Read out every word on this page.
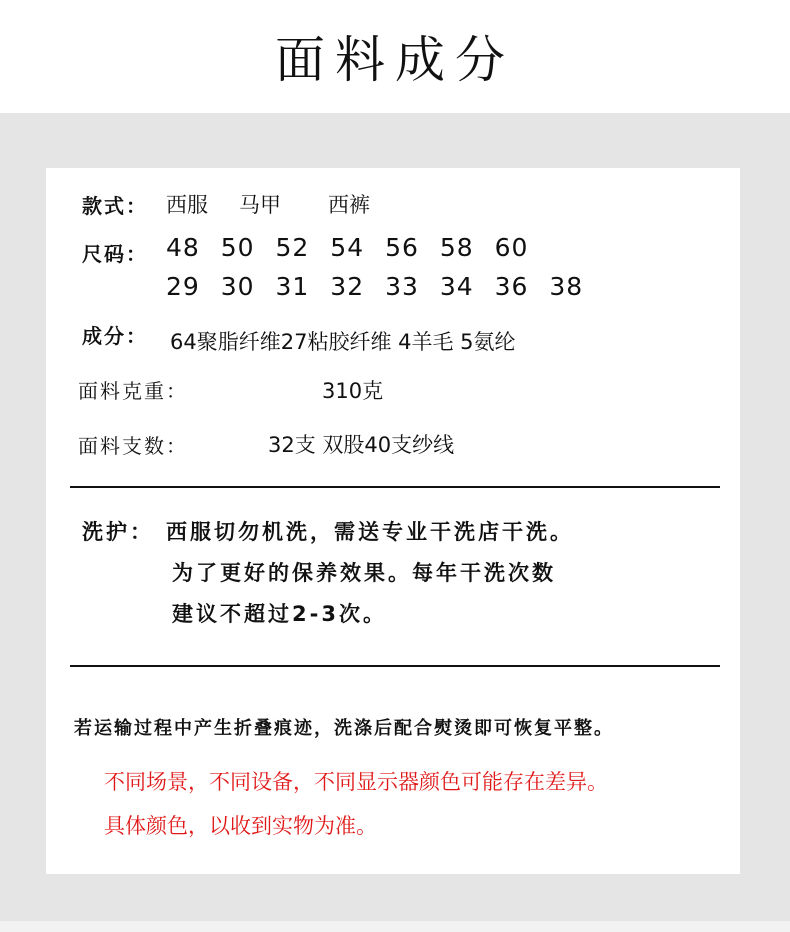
面料成分
款式： 西服 马甲 西裤
尺码： 48 50 52 54 56 58 60
29 30 31 32 33 34 36 38
成分： 64聚脂纤维27粘胶纤维 4羊毛 5氨纶
面料克重：	310克
面料支数：	32支 双股40支纱线
洗护： 西服切勿机洗，需送专业干洗店干洗。
为了更好的保养效果。每年干洗次数
建议不超过2-3次。
若运输过程中产生折叠痕迹，洗涤后配合熨烫即可恢复平整。
不同场景，不同设备，不同显示器颜色可能存在差异。
具体颜色，以收到实物为准。
